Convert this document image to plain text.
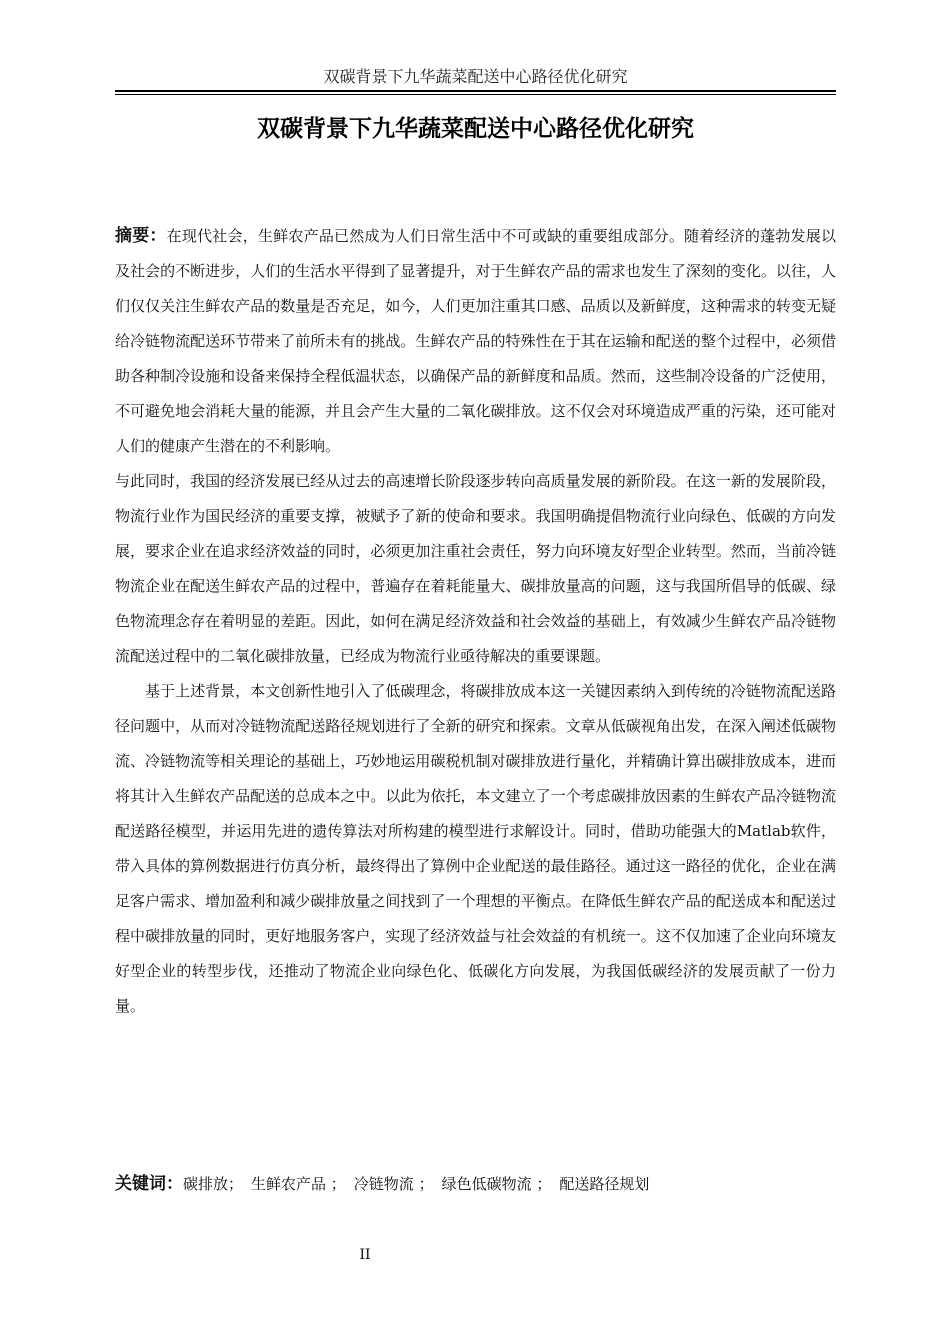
双碳背景下九华蔬菜配送中心路径优化研究
双碳背景下九华蔬菜配送中心路径优化研究

摘要：在现代社会，生鲜农产品已然成为人们日常生活中不可或缺的重要组成部分。随着经济的蓬勃发展以及社会的不断进步，人们的生活水平得到了显著提升，对于生鲜农产品的需求也发生了深刻的变化。以往，人们仅仅关注生鲜农产品的数量是否充足，如今，人们更加注重其口感、品质以及新鲜度，这种需求的转变无疑给冷链物流配送环节带来了前所未有的挑战。生鲜农产品的特殊性在于其在运输和配送的整个过程中，必须借助各种制冷设施和设备来保持全程低温状态，以确保产品的新鲜度和品质。然而，这些制冷设备的广泛使用，不可避免地会消耗大量的能源，并且会产生大量的二氧化碳排放。这不仅会对环境造成严重的污染，还可能对人们的健康产生潜在的不利影响。

与此同时，我国的经济发展已经从过去的高速增长阶段逐步转向高质量发展的新阶段。在这一新的发展阶段，物流行业作为国民经济的重要支撑，被赋予了新的使命和要求。我国明确提倡物流行业向绿色、低碳的方向发展，要求企业在追求经济效益的同时，必须更加注重社会责任，努力向环境友好型企业转型。然而，当前冷链物流企业在配送生鲜农产品的过程中，普遍存在着耗能量大、碳排放量高的问题，这与我国所倡导的低碳、绿色物流理念存在着明显的差距。因此，如何在满足经济效益和社会效益的基础上，有效减少生鲜农产品冷链物流配送过程中的二氧化碳排放量，已经成为物流行业亟待解决的重要课题。

基于上述背景，本文创新性地引入了低碳理念，将碳排放成本这一关键因素纳入到传统的冷链物流配送路径问题中，从而对冷链物流配送路径规划进行了全新的研究和探索。文章从低碳视角出发，在深入阐述低碳物流、冷链物流等相关理论的基础上，巧妙地运用碳税机制对碳排放进行量化，并精确计算出碳排放成本，进而将其计入生鲜农产品配送的总成本之中。以此为依托，本文建立了一个考虑碳排放因素的生鲜农产品冷链物流配送路径模型，并运用先进的遗传算法对所构建的模型进行求解设计。同时，借助功能强大的Matlab软件，带入具体的算例数据进行仿真分析，最终得出了算例中企业配送的最佳路径。通过这一路径的优化，企业在满足客户需求、增加盈利和减少碳排放量之间找到了一个理想的平衡点。在降低生鲜农产品的配送成本和配送过程中碳排放量的同时，更好地服务客户，实现了经济效益与社会效益的有机统一。这不仅加速了企业向环境友好型企业的转型步伐，还推动了物流企业向绿色化、低碳化方向发展，为我国低碳经济的发展贡献了一份力量。

关键词：碳排放； 生鲜农产品 ； 冷链物流 ； 绿色低碳物流 ； 配送路径规划
II
